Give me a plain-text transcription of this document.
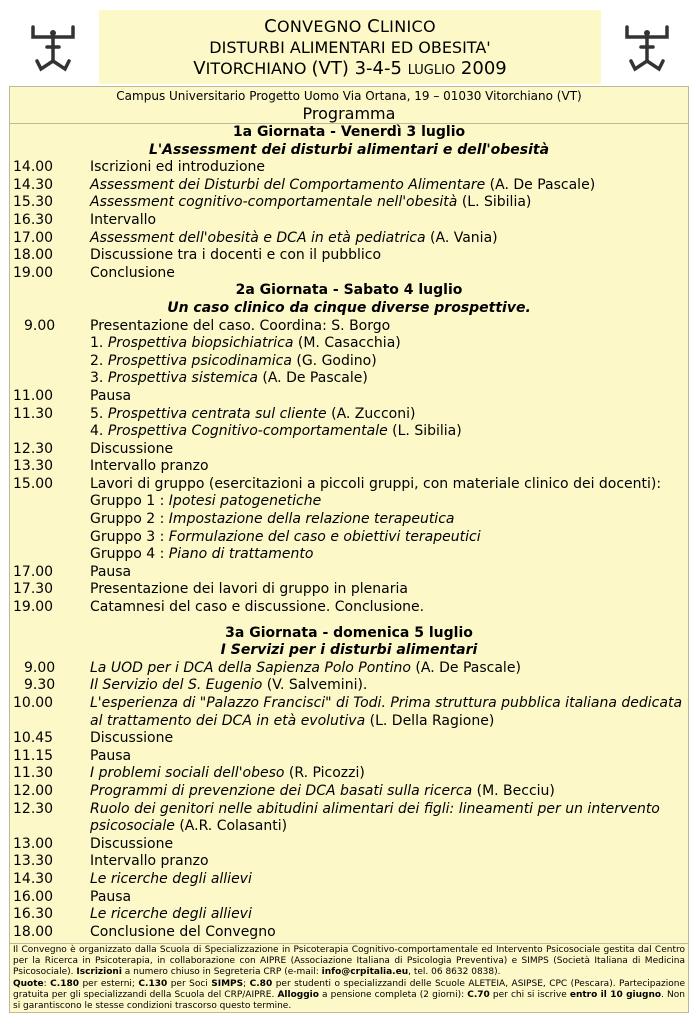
CONVEGNO CLINICO
DISTURBI ALIMENTARI ED OBESITA'
VITORCHIANO (VT) 3-4-5 LUGLIO 2009
Campus Universitario Progetto Uomo Via Ortana, 19 – 01030 Vitorchiano (VT)
Programma
1a Giornata - Venerdì 3 luglio
L'Assessment dei disturbi alimentari e dell'obesità
14.00	Iscrizioni ed introduzione
14.30	Assessment dei Disturbi del Comportamento Alimentare (A. De Pascale)
15.30	Assessment cognitivo-comportamentale nell'obesità (L. Sibilia)
16.30	Intervallo
17.00	Assessment dell'obesità e DCA in età pediatrica (A. Vania)
18.00	Discussione tra i docenti e con il pubblico
19.00	Conclusione
2a Giornata - Sabato 4 luglio
Un caso clinico da cinque diverse prospettive.
9.00	Presentazione del caso. Coordina: S. Borgo
1. Prospettiva biopsichiatrica (M. Casacchia)
2. Prospettiva psicodinamica (G. Godino)
3. Prospettiva sistemica (A. De Pascale)
11.00	Pausa
11.30	5. Prospettiva centrata sul cliente (A. Zucconi)
4. Prospettiva Cognitivo-comportamentale (L. Sibilia)
12.30	Discussione
13.30	Intervallo pranzo
15.00	Lavori di gruppo (esercitazioni a piccoli gruppi, con materiale clinico dei docenti):
Gruppo 1 : Ipotesi patogenetiche
Gruppo 2 : Impostazione della relazione terapeutica
Gruppo 3 : Formulazione del caso e obiettivi terapeutici
Gruppo 4 : Piano di trattamento
17.00	Pausa
17.30	Presentazione dei lavori di gruppo in plenaria
19.00	Catamnesi del caso e discussione. Conclusione.
3a Giornata - domenica 5 luglio
I Servizi per i disturbi alimentari
9.00	La UOD per i DCA della Sapienza Polo Pontino (A. De Pascale)
9.30	Il Servizio del S. Eugenio (V. Salvemini).
10.00	L'esperienza di "Palazzo Francisci" di Todi. Prima struttura pubblica italiana dedicata al trattamento dei DCA in età evolutiva (L. Della Ragione)
10.45	Discussione
11.15	Pausa
11.30	I problemi sociali dell'obeso (R. Picozzi)
12.00	Programmi di prevenzione dei DCA basati sulla ricerca (M. Becciu)
12.30	Ruolo dei genitori nelle abitudini alimentari dei figli: lineamenti per un intervento psicosociale (A.R. Colasanti)
13.00	Discussione
13.30	Intervallo pranzo
14.30	Le ricerche degli allievi
16.00	Pausa
16.30	Le ricerche degli allievi
18.00	Conclusione del Convegno
Il Convegno è organizzato dalla Scuola di Specializzazione in Psicoterapia Cognitivo-comportamentale ed Intervento Psicosociale gestita dal Centro per la Ricerca in Psicoterapia, in collaborazione con AIPRE (Associazione Italiana di Psicologia Preventiva) e SIMPS (Società Italiana di Medicina Psicosociale). Iscrizioni a numero chiuso in Segreteria CRP (e-mail: info@crpitalia.eu, tel. 06 8632 0838).
Quote: C.180 per esterni; C.130 per Soci SIMPS; C.80 per studenti o specializzandi delle Scuole ALETEIA, ASIPSE, CPC (Pescara). Partecipazione gratuita per gli specializzandi della Scuola del CRP/AIPRE. Alloggio a pensione completa (2 giorni): C.70 per chi si iscrive entro il 10 giugno. Non si garantiscono le stesse condizioni trascorso questo termine.
